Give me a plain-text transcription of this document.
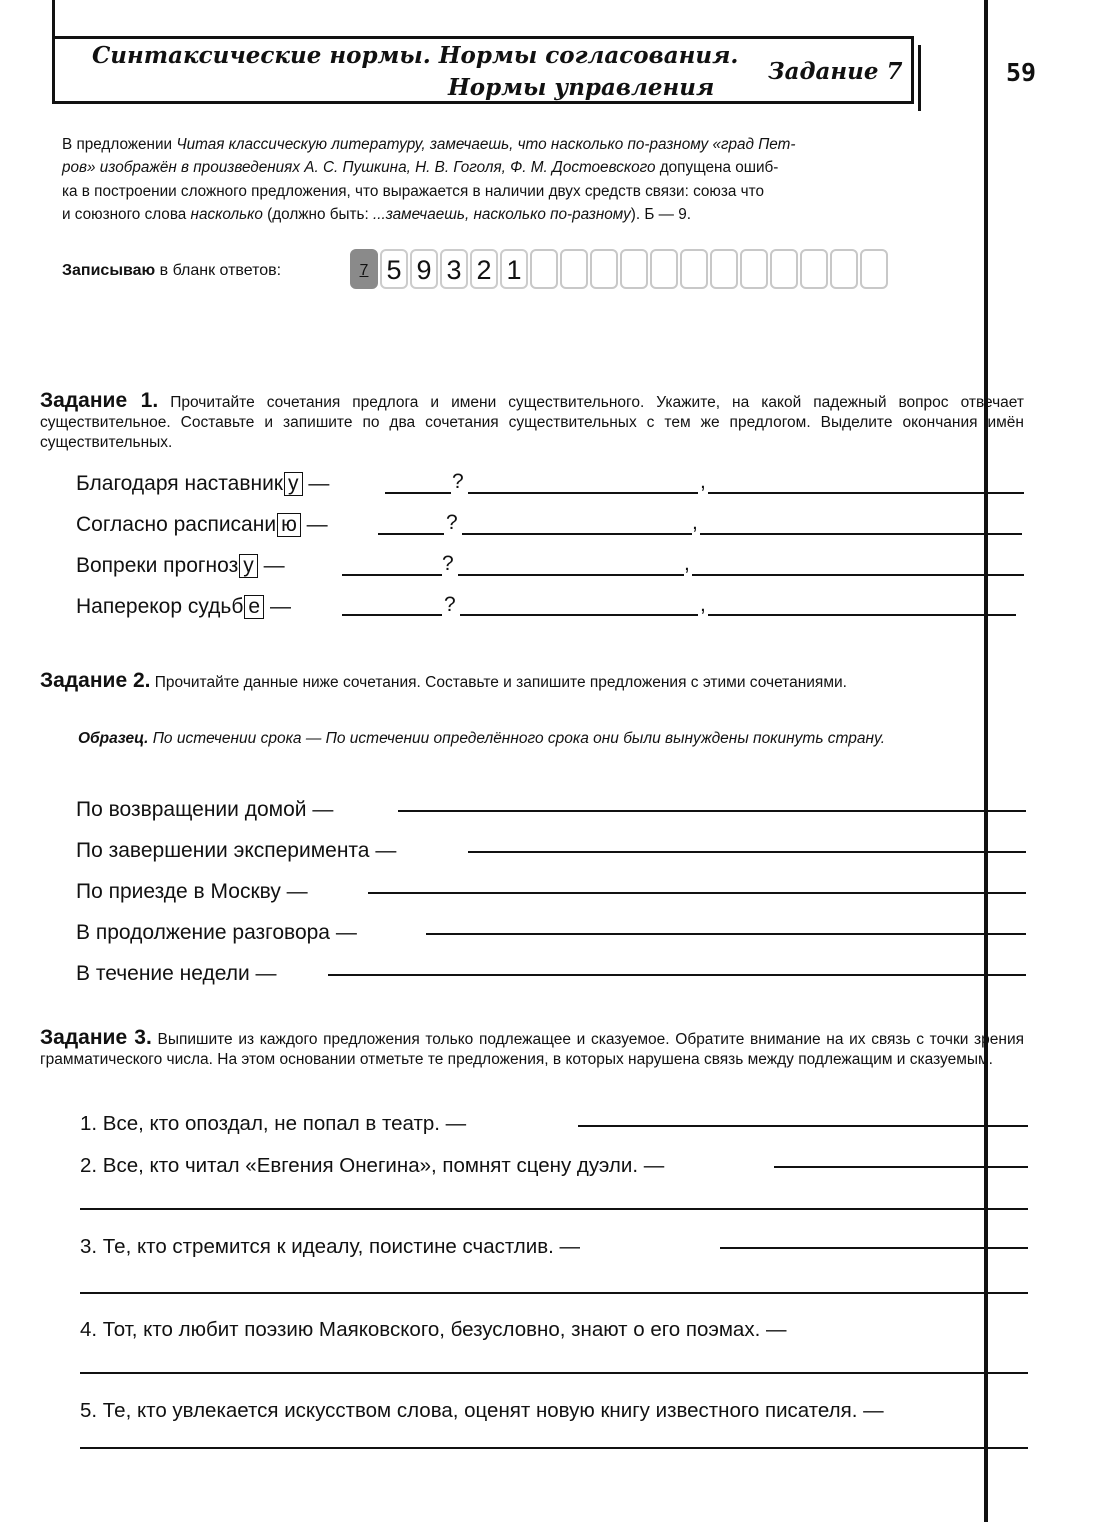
Синтаксические нормы. Нормы согласования.
Нормы управления
Задание 7	59
В предложении Читая классическую литературу, замечаешь, что насколько по-разному «град Пет-
ров» изображён в произведениях А. С. Пушкина, Н. В. Гоголя, Ф. М. Достоевского допущена ошиб-
ка в построении сложного предложения, что выражается в наличии двух средств связи: союза что
и союзного слова насколько (должно быть: ...замечаешь, насколько по-разному). Б — 9.
Записываю в бланк ответов:	7 5 9 3 2 1
Задание 1. Прочитайте сочетания предлога и имени существительного. Укажите, на какой падежный вопрос отвечает существительное. Составьте и запишите по два сочетания существительных с тем же предлогом. Выделите окончания имён существительных.
Благодаря наставник у —	?	,
Согласно расписани ю —	?	,
Вопреки прогноз у —	?	,
Наперекор судьб е —	?	,
Задание 2. Прочитайте данные ниже сочетания. Составьте и запишите предложения с этими сочетаниями.
Образец. По истечении срока — По истечении определённого срока они были вынуждены покинуть страну.
По возвращении домой —
По завершении эксперимента —
По приезде в Москву —
В продолжение разговора —
В течение недели —
Задание 3. Выпишите из каждого предложения только подлежащее и сказуемое. Обратите внимание на их связь с точки зрения грамматического числа. На этом основании отметьте те предложения, в которых нарушена связь между подлежащим и сказуемым.
1. Все, кто опоздал, не попал в театр. —
2. Все, кто читал «Евгения Онегина», помнят сцену дуэли. —
3. Те, кто стремится к идеалу, поистине счастлив. —
4. Тот, кто любит поэзию Маяковского, безусловно, знают о его поэмах. —
5. Те, кто увлекается искусством слова, оценят новую книгу известного писателя. —
